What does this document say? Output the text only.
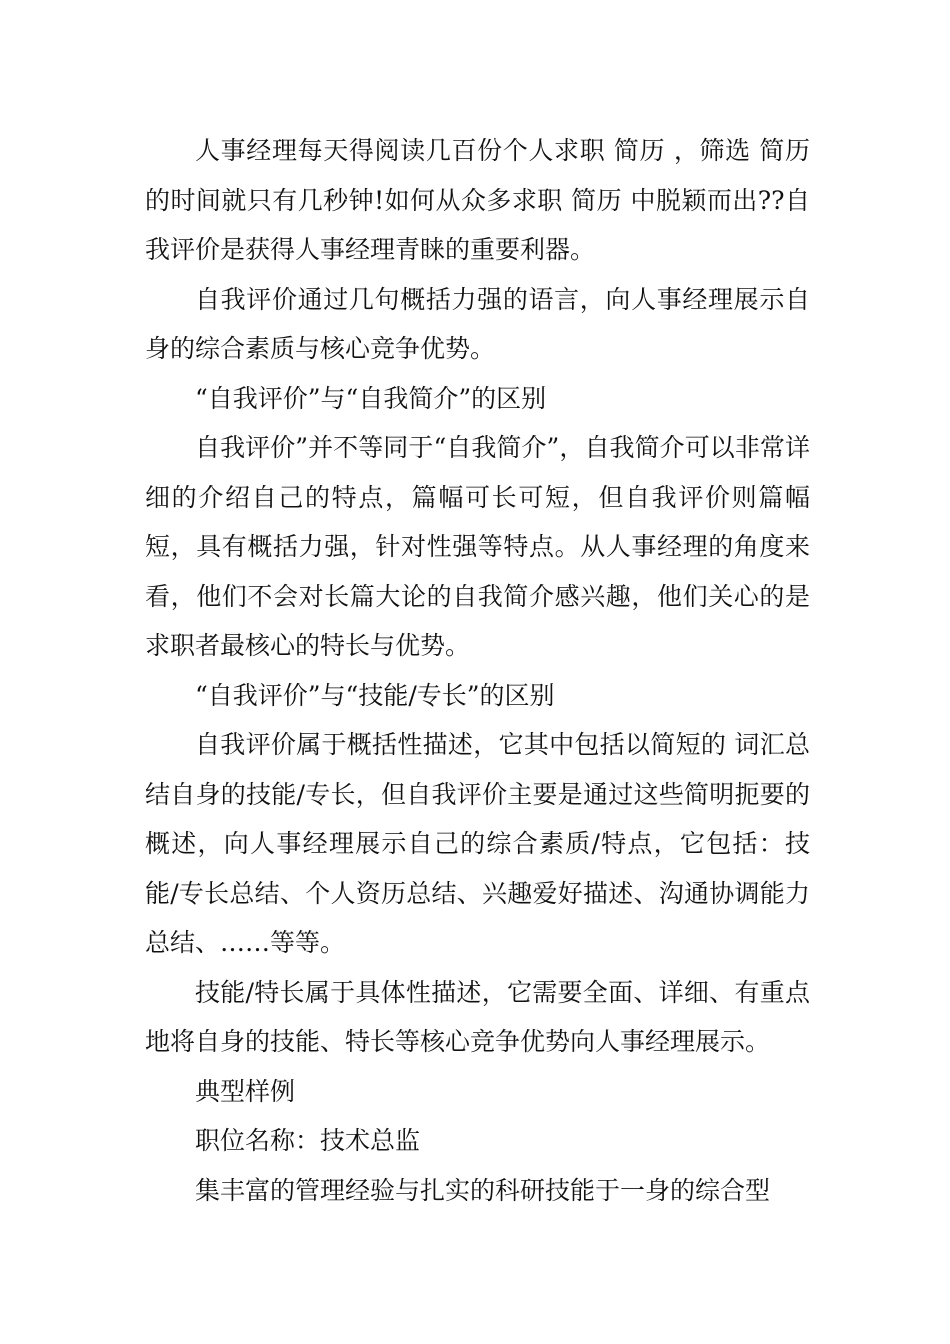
人事经理每天得阅读几百份个人求职 简历 ，筛选 简历的时间就只有几秒钟!如何从众多求职 简历 中脱颖而出??自我评价是获得人事经理青睐的重要利器。

自我评价通过几句概括力强的语言，向人事经理展示自身的综合素质与核心竞争优势。

“自我评价”与“自我简介”的区别

自我评价”并不等同于“自我简介”，自我简介可以非常详细的介绍自己的特点，篇幅可长可短，但自我评价则篇幅短，具有概括力强，针对性强等特点。从人事经理的角度来看，他们不会对长篇大论的自我简介感兴趣，他们关心的是求职者最核心的特长与优势。

“自我评价”与“技能/专长”的区别

自我评价属于概括性描述，它其中包括以简短的 词汇总结自身的技能/专长，但自我评价主要是通过这些简明扼要的概述，向人事经理展示自己的综合素质/特点，它包括：技能/专长总结、个人资历总结、兴趣爱好描述、沟通协调能力总结、……等等。

技能/特长属于具体性描述，它需要全面、详细、有重点地将自身的技能、特长等核心竞争优势向人事经理展示。

典型样例

职位名称：技术总监

集丰富的管理经验与扎实的科研技能于一身的综合型
